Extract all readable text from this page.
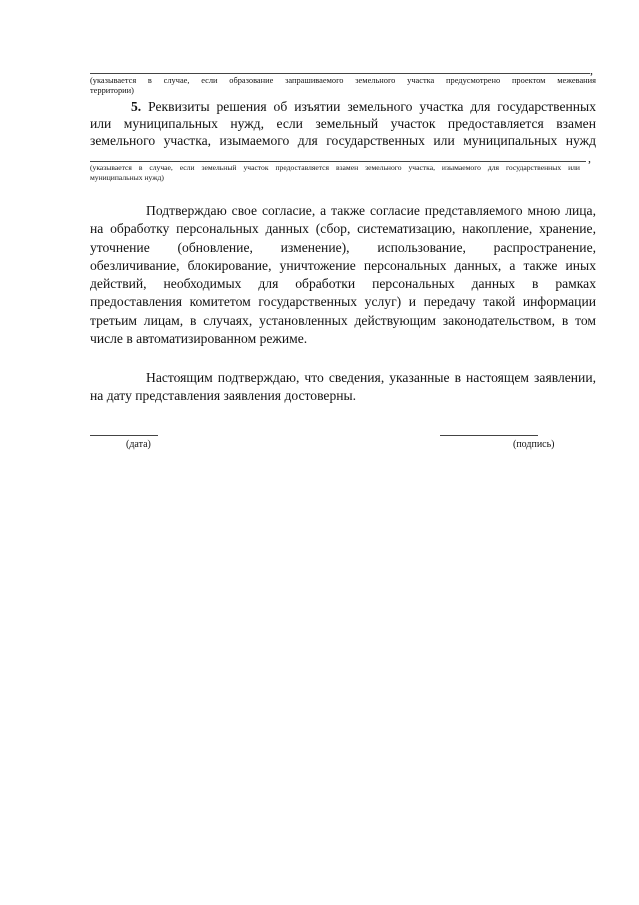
,
(указывается в случае, если образование запрашиваемого земельного участка предусмотрено проектом межевания
территории)
5. Реквизиты решения об изъятии земельного участка для государственных
или муниципальных нужд, если земельный участок предоставляется взамен
земельного участка, изымаемого для государственных или муниципальных нужд
,
(указывается в случае, если земельный участок предоставляется взамен земельного участка, изымаемого для государственных или
муниципальных нужд)
Подтверждаю свое согласие, а также согласие представляемого мною лица,
на обработку персональных данных (сбор, систематизацию, накопление, хранение,
уточнение (обновление, изменение), использование, распространение,
обезличивание, блокирование, уничтожение персональных данных, а также иных
действий, необходимых для обработки персональных данных в рамках
предоставления комитетом государственных услуг) и передачу такой информации
третьим лицам, в случаях, установленных действующим законодательством, в том
числе в автоматизированном режиме.
Настоящим подтверждаю, что сведения, указанные в настоящем заявлении,
на дату представления заявления достоверны.
(дата)	(подпись)
